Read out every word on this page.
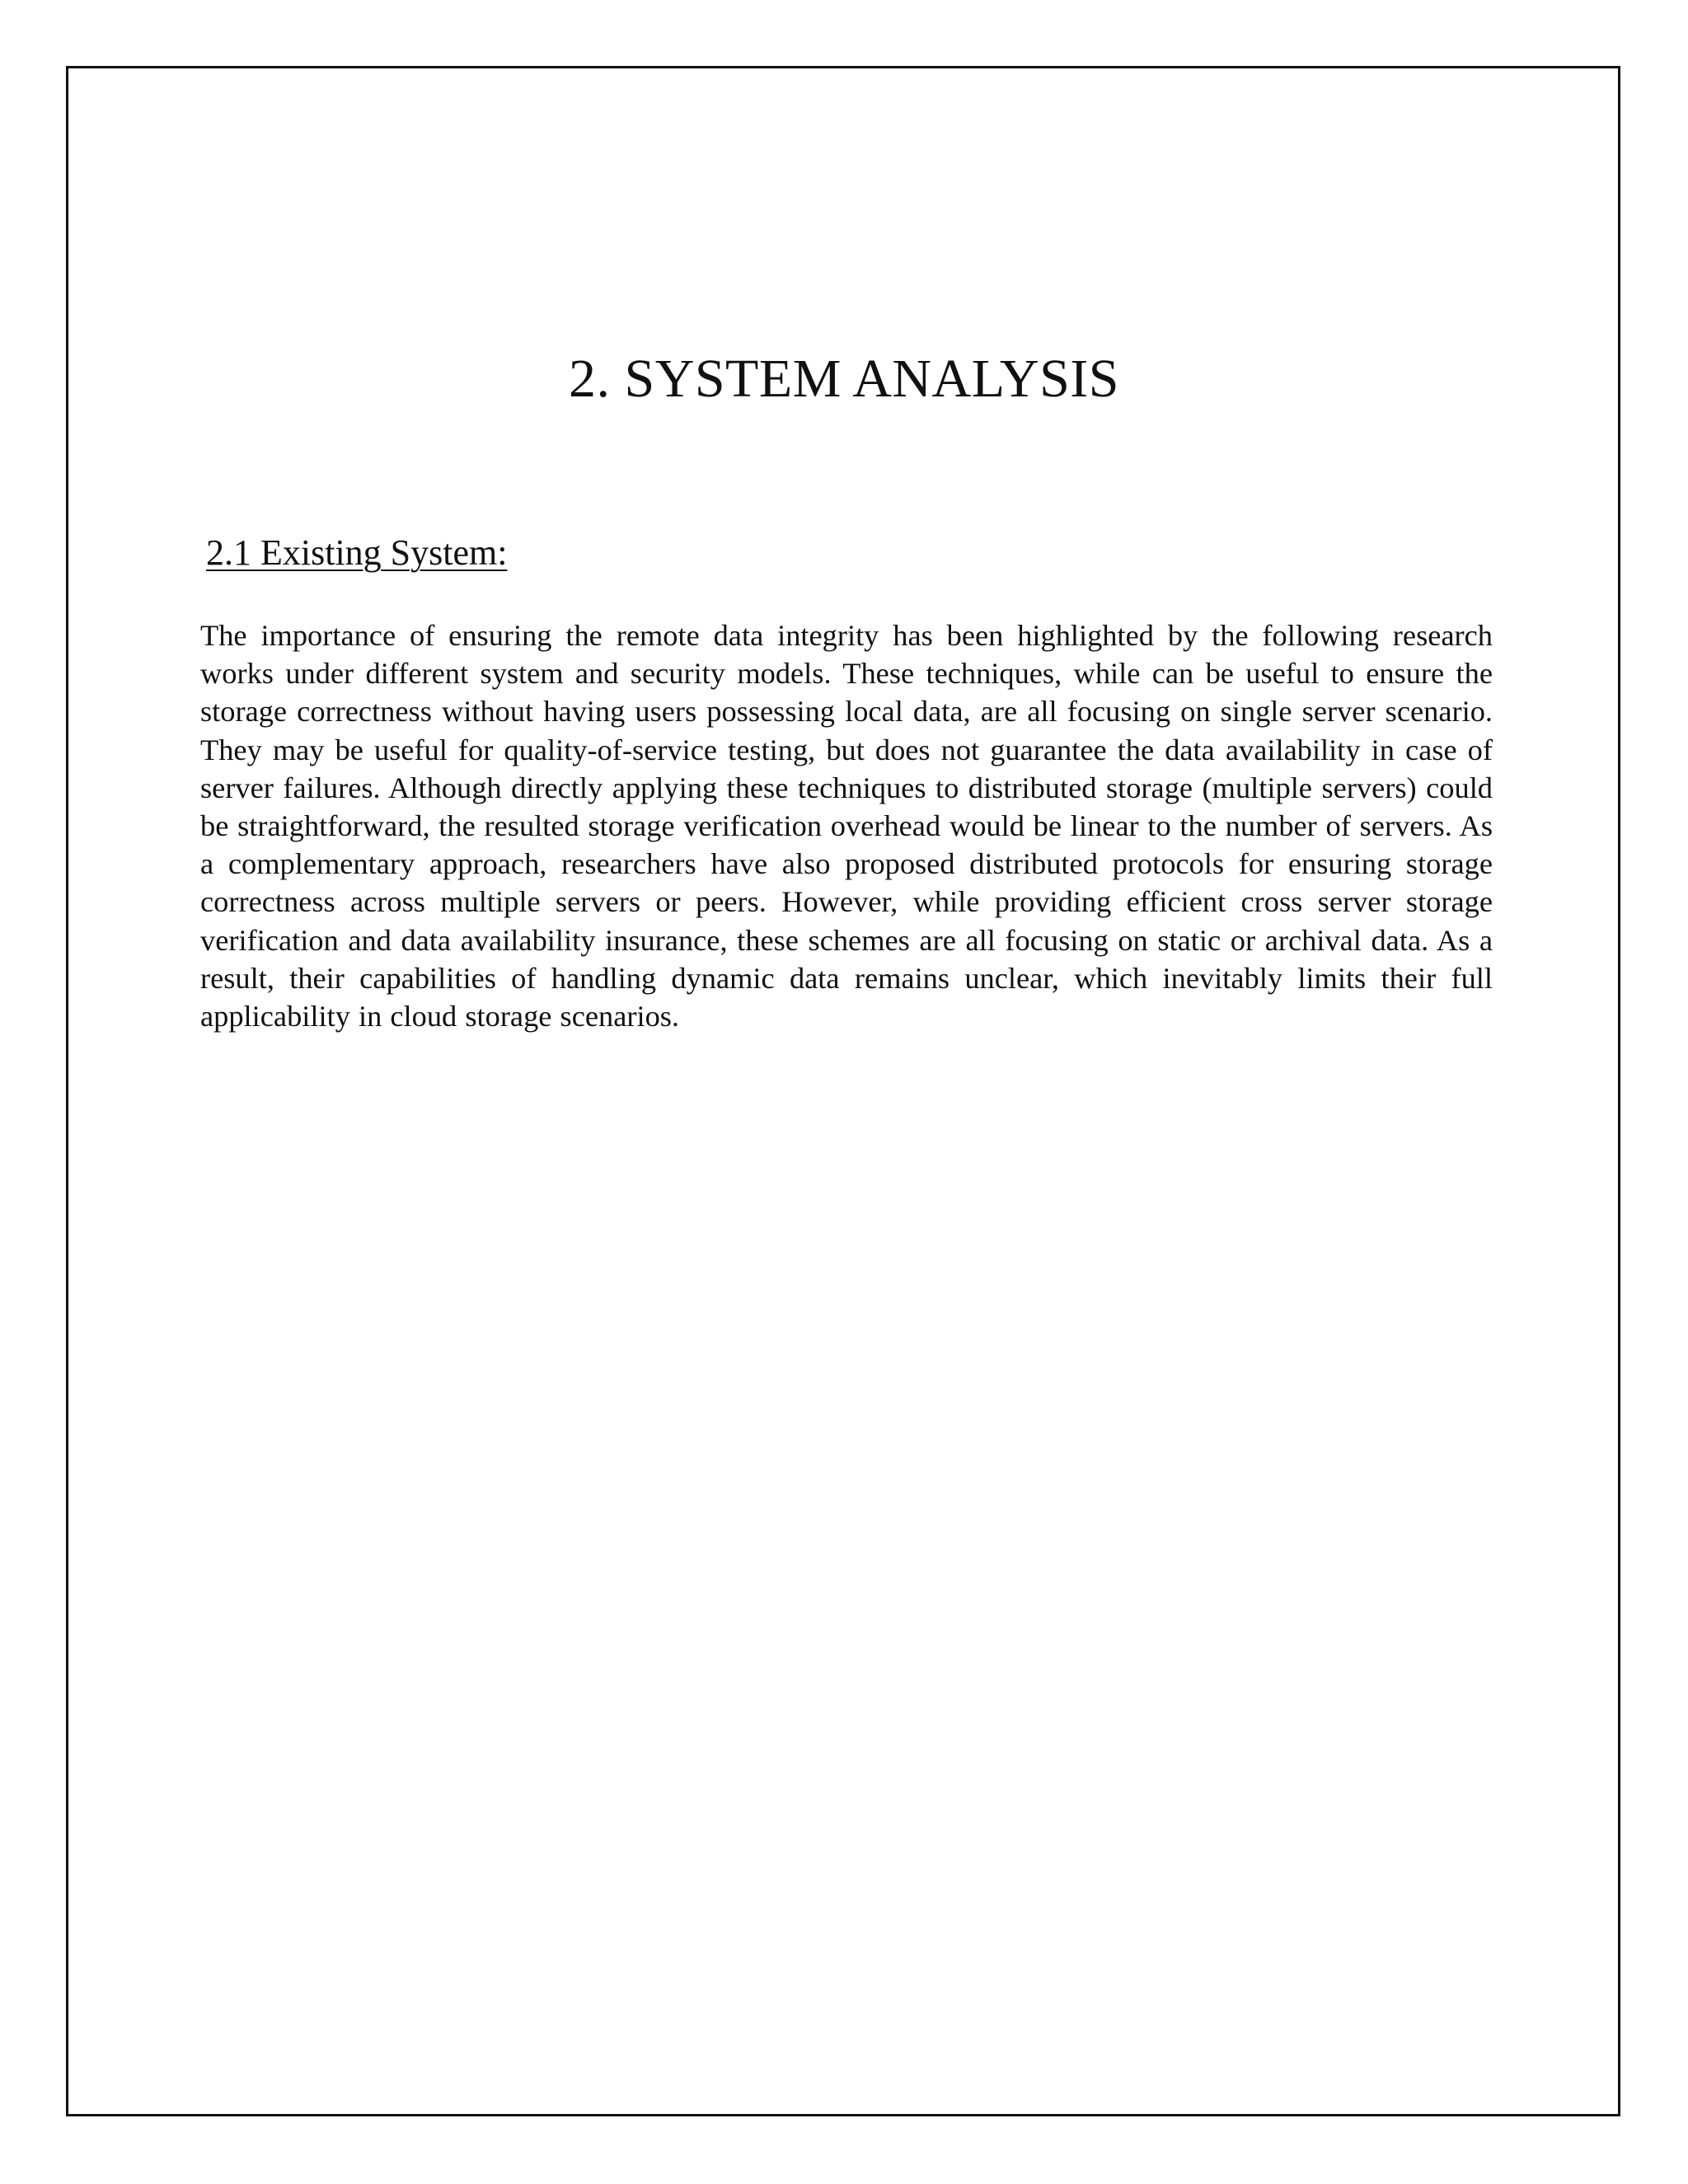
2. SYSTEM ANALYSIS
2.1 Existing System:

The importance of ensuring the remote data integrity has been highlighted by the following research works under different system and security models. These techniques, while can be useful to ensure the storage correctness without having users possessing local data, are all focusing on single server scenario. They may be useful for quality-of-service testing, but does not guarantee the data availability in case of server failures. Although directly applying these techniques to distributed storage (multiple servers) could be straightforward, the resulted storage verification overhead would be linear to the number of servers. As a complementary approach, researchers have also proposed distributed protocols for ensuring storage correctness across multiple servers or peers. However, while providing efficient cross server storage verification and data availability insurance, these schemes are all focusing on static or archival data. As a result, their capabilities of handling dynamic data remains unclear, which inevitably limits their full applicability in cloud storage scenarios.
